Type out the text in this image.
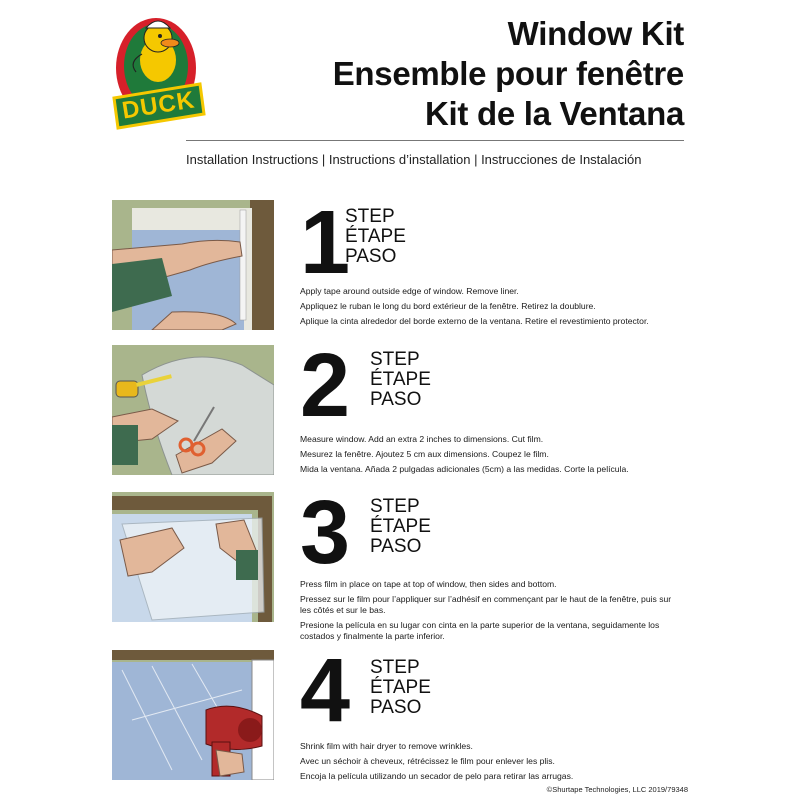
DUCK
Window Kit
Ensemble pour fenêtre
Kit de la Ventana
Installation Instructions | Instructions d’installation | Instrucciones de Instalación
1
STEP
ÉTAPE
PASO

Apply tape around outside edge of window. Remove liner.

Appliquez le ruban le long du bord extérieur de la fenêtre. Retirez la doublure.

Aplique la cinta alrededor del borde externo de la ventana. Retire el revestimiento protector.

2 STEP
ÉTAPE
PASO

Measure window. Add an extra 2 inches to dimensions. Cut film.

Mesurez la fenêtre. Ajoutez 5 cm aux dimensions. Coupez le film.

Mida la ventana. Añada 2 pulgadas adicionales (5cm) a las medidas. Corte la película.

3 STEP
ÉTAPE
PASO

Press film in place on tape at top of window, then sides and bottom.

Pressez sur le film pour l’appliquer sur l’adhésif en commençant par le haut de la fenêtre, puis sur les côtés et sur le bas.

Presione la película en su lugar con cinta en la parte superior de la ventana, seguidamente los costados y finalmente la parte inferior.

4 STEP
ÉTAPE
PASO

Shrink film with hair dryer to remove wrinkles.

Avec un séchoir à cheveux, rétrécissez le film pour enlever les plis.

Encoja la película utilizando un secador de pelo para retirar las arrugas.

©Shurtape Technologies, LLC 2019/79348
